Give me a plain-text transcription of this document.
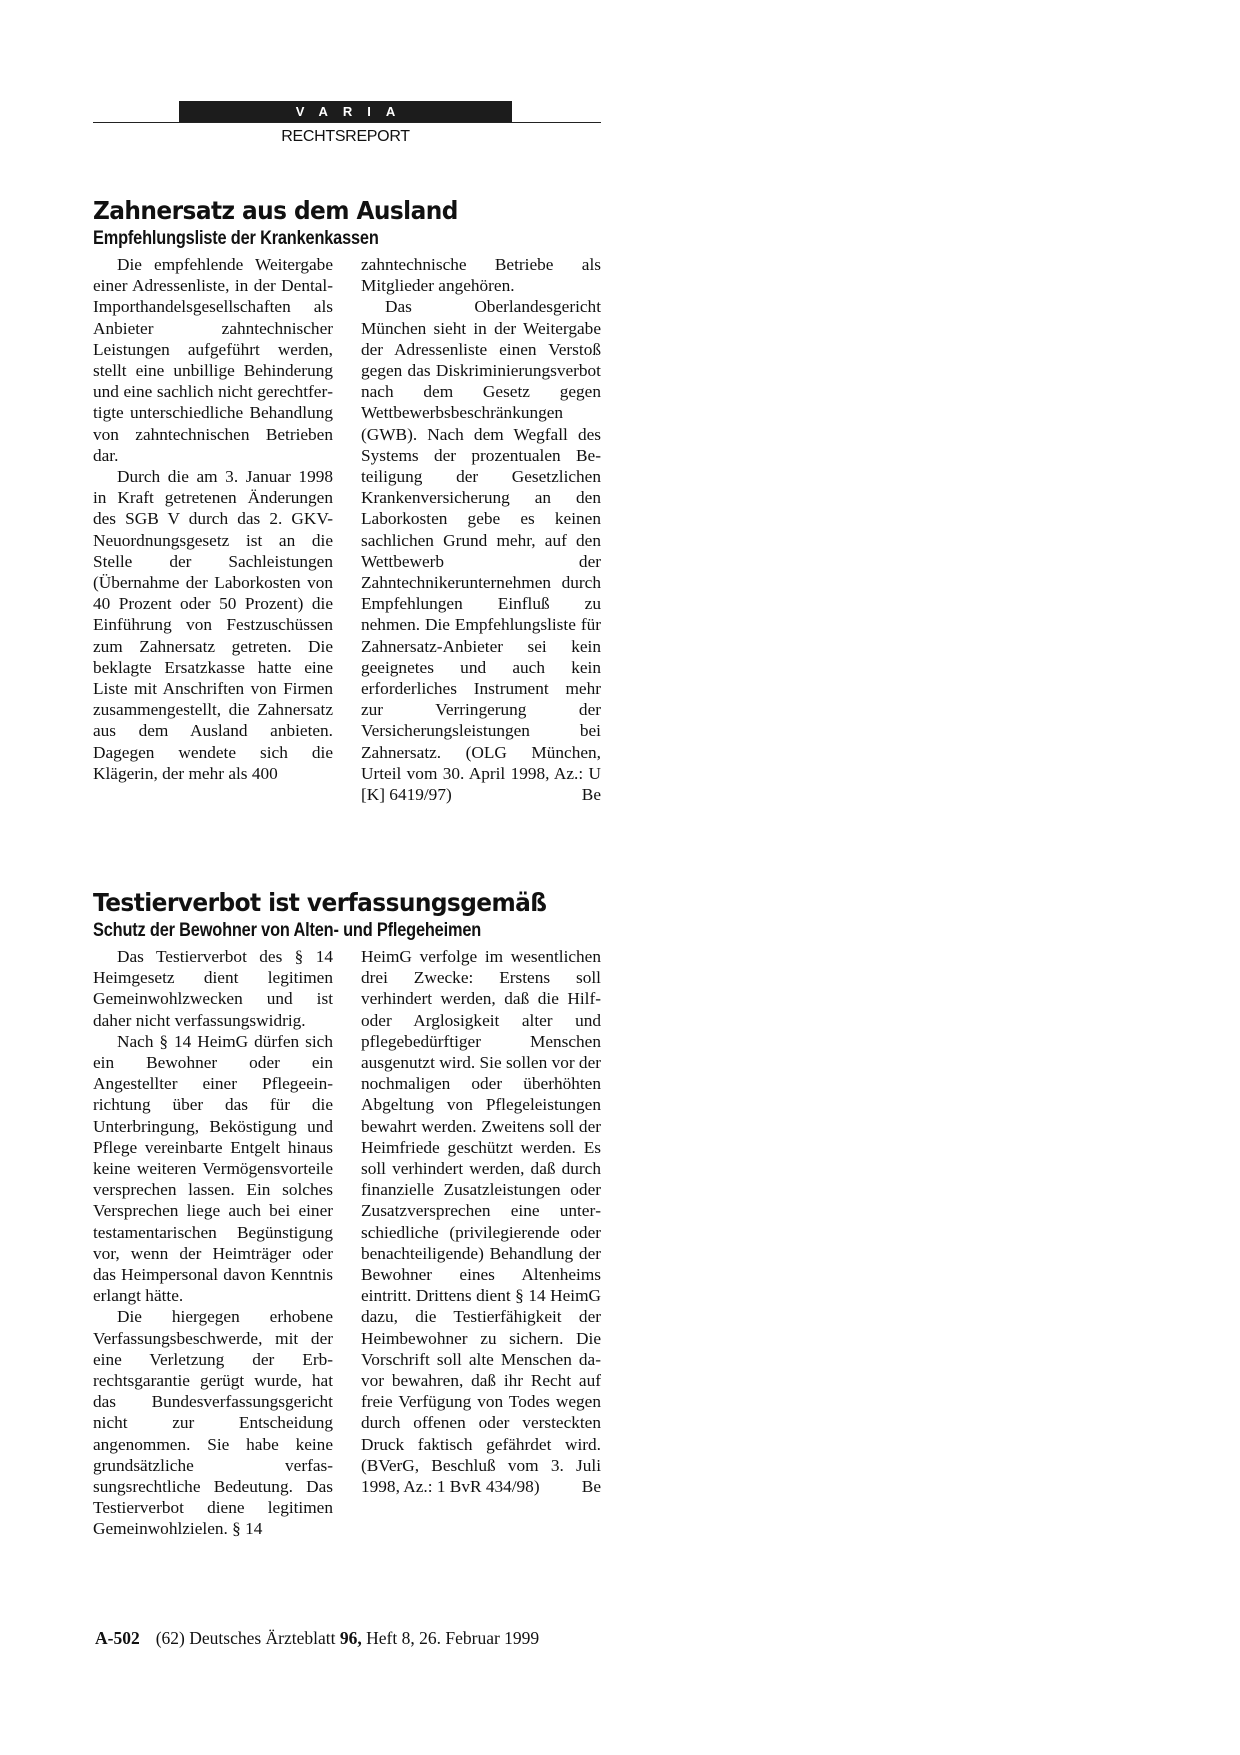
VARIA
RECHTSREPORT
Zahnersatz aus dem Ausland
Empfehlungsliste der Krankenkassen

Die empfehlende Weitergabe einer Adressenliste, in der Dental-Importhandelsgesellschaften als Anbieter zahntechnischer Leistungen aufgeführt werden, stellt eine unbillige Behinderung und eine sachlich nicht gerechtfertigte unterschiedliche Behandlung von zahntechnischen Betrieben dar.

Durch die am 3. Januar 1998 in Kraft getretenen Änderungen des SGB V durch das 2. GKV-Neuordnungsgesetz ist an die Stelle der Sachleistungen (Übernahme der Laborkosten von 40 Prozent oder 50 Prozent) die Einführung von Festzuschüssen zum Zahnersatz getreten. Die beklagte Ersatzkasse hatte eine Liste mit Anschriften von Firmen zusammengestellt, die Zahnersatz aus dem Ausland anbieten. Dagegen wendete sich die Klägerin, der mehr als 400

zahntechnische Betriebe als Mitglieder angehören.

Das Oberlandesgericht München sieht in der Weitergabe der Adressenliste einen Verstoß gegen das Diskriminierungsverbot nach dem Gesetz gegen Wettbewerbsbeschränkungen (GWB). Nach dem Wegfall des Systems der prozentualen Beteiligung der Gesetzlichen Krankenversicherung an den Laborkosten gebe es keinen sachlichen Grund mehr, auf den Wettbewerb der Zahntechnikerunternehmen durch Empfehlungen Einfluß zu nehmen. Die Empfehlungsliste für Zahnersatz-Anbieter sei kein geeignetes und auch kein erforderliches Instrument mehr zur Verringerung der Versicherungsleistungen bei Zahnersatz. (OLG München, Urteil vom 30. April 1998, Az.: U [K] 6419/97)	Be

Testierverbot ist verfassungsgemäß
Schutz der Bewohner von Alten- und Pflegeheimen

Das Testierverbot des § 14 Heimgesetz dient legitimen Gemeinwohlzwecken und ist daher nicht verfassungswidrig.

Nach § 14 HeimG dürfen sich ein Bewohner oder ein Angestellter einer Pflegeeinrichtung über das für die Unterbringung, Beköstigung und Pflege vereinbarte Entgelt hinaus keine weiteren Vermögensvorteile versprechen lassen. Ein solches Versprechen liege auch bei einer testamentarischen Begünstigung vor, wenn der Heimträger oder das Heimpersonal davon Kenntnis erlangt hätte.

Die hiergegen erhobene Verfassungsbeschwerde, mit der eine Verletzung der Erbrechtsgarantie gerügt wurde, hat das Bundesverfassungsgericht nicht zur Entscheidung angenommen. Sie habe keine grundsätzliche verfassungsrechtliche Bedeutung. Das Testierverbot diene legitimen Gemeinwohlzielen. § 14

HeimG verfolge im wesentlichen drei Zwecke: Erstens soll verhindert werden, daß die Hilf- oder Arglosigkeit alter und pflegebedürftiger Menschen ausgenutzt wird. Sie sollen vor der nochmaligen oder überhöhten Abgeltung von Pflegeleistungen bewahrt werden. Zweitens soll der Heimfriede geschützt werden. Es soll verhindert werden, daß durch finanzielle Zusatzleistungen oder Zusatzversprechen eine unterschiedliche (privilegierende oder benachteiligende) Behandlung der Bewohner eines Altenheims eintritt. Drittens dient § 14 HeimG dazu, die Testierfähigkeit der Heimbewohner zu sichern. Die Vorschrift soll alte Menschen davor bewahren, daß ihr Recht auf freie Verfügung von Todes wegen durch offenen oder versteckten Druck faktisch gefährdet wird. (BVerG, Beschluß vom 3. Juli 1998, Az.: 1 BvR 434/98) Be

A-502 (62) Deutsches Ärzteblatt 96, Heft 8, 26. Februar 1999
